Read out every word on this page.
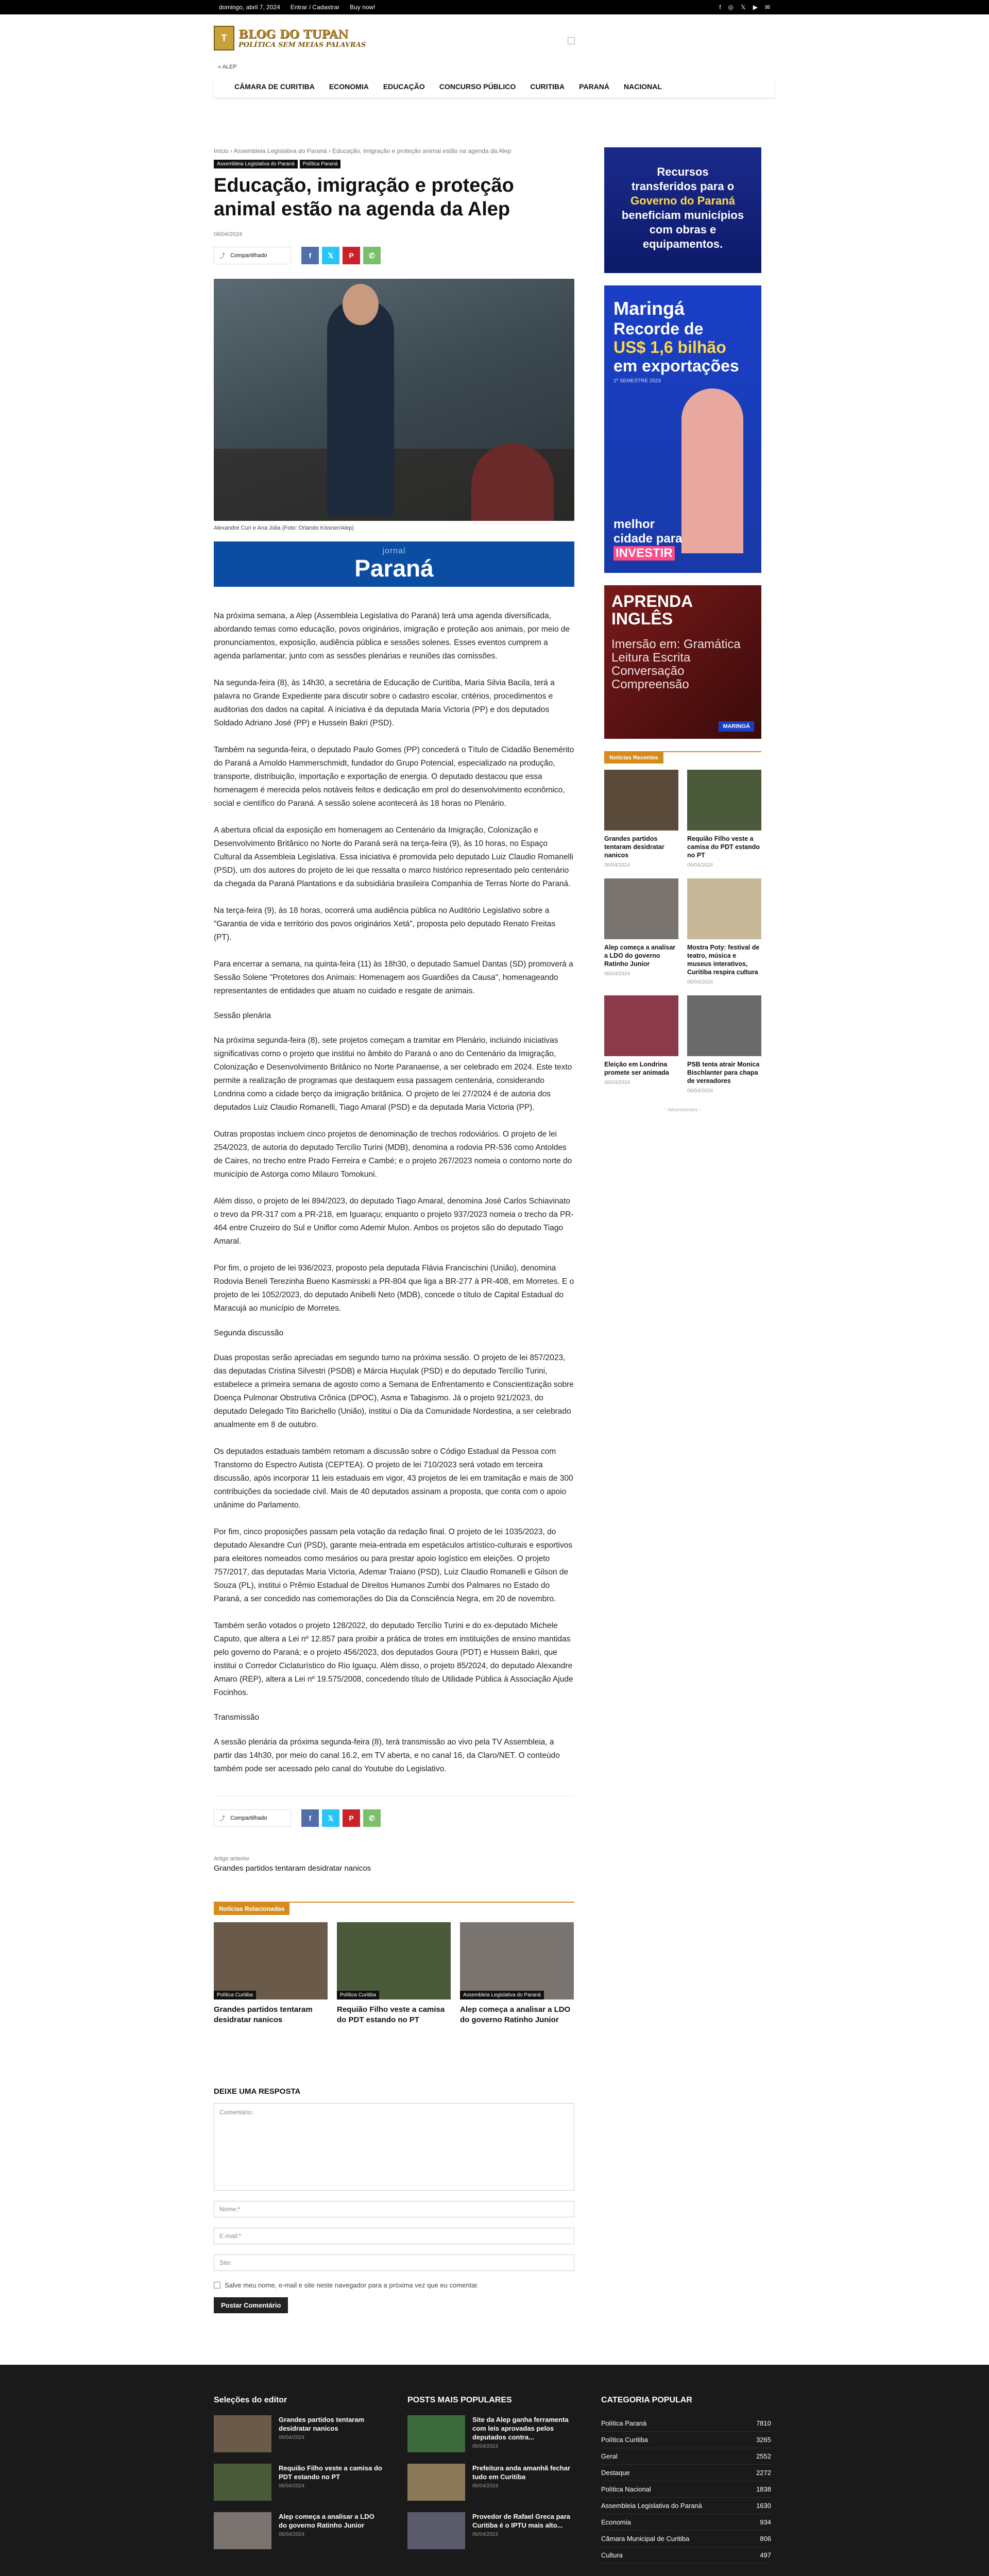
domingo, abril 7, 2024 Entrar / Cadastrar Buy now!	f ◎ 𝕏 ▶ ✉
T	BLOG DO TUPAN
POLÍTICA SEM MEIAS PALAVRAS
» ALEP
CÂMARA DE CURITIBA ECONOMIA EDUCAÇÃO CONCURSO PÚBLICO CURITIBA PARANÁ NACIONAL
Início › Assembleia Legislativa do Paraná › Educação, imigração e proteção animal estão na agenda da Alep
Assembleia Legislativa do Paraná	Política Paraná
Educação, imigração e proteção animal estão na agenda da Alep
06/04/2024
⤴ Compartilhado	f	𝕏	P	✆
Alexandre Curi e Ana Júlia (Foto: Orlando Kissner/Alep)
jornal
Paraná

Na próxima semana, a Alep (Assembleia Legislativa do Paraná) terá uma agenda diversificada, abordando temas como educação, povos originários, imigração e proteção aos animais, por meio de pronunciamentos, exposição, audiência pública e sessões solenes. Esses eventos cumprem a agenda parlamentar, junto com as sessões plenárias e reuniões das comissões.

Na segunda-feira (8), às 14h30, a secretária de Educação de Curitiba, Maria Silvia Bacila, terá a palavra no Grande Expediente para discutir sobre o cadastro escolar, critérios, procedimentos e auditorias dos dados na capital. A iniciativa é da deputada Maria Victoria (PP) e dos deputados Soldado Adriano José (PP) e Hussein Bakri (PSD).

Também na segunda-feira, o deputado Paulo Gomes (PP) concederá o Título de Cidadão Benemérito do Paraná a Arnoldo Hammerschmidt, fundador do Grupo Potencial, especializado na produção, transporte, distribuição, importação e exportação de energia. O deputado destacou que essa homenagem é merecida pelos notáveis feitos e dedicação em prol do desenvolvimento econômico, social e científico do Paraná. A sessão solene acontecerá às 18 horas no Plenário.

A abertura oficial da exposição em homenagem ao Centenário da Imigração, Colonização e Desenvolvimento Britânico no Norte do Paraná será na terça-feira (9), às 10 horas, no Espaço Cultural da Assembleia Legislativa. Essa iniciativa é promovida pelo deputado Luiz Claudio Romanelli (PSD), um dos autores do projeto de lei que ressalta o marco histórico representado pelo centenário da chegada da Paraná Plantations e da subsidiária brasileira Companhia de Terras Norte do Paraná.

Na terça-feira (9), às 18 horas, ocorrerá uma audiência pública no Auditório Legislativo sobre a "Garantia de vida e território dos povos originários Xetá", proposta pelo deputado Renato Freitas (PT).

Para encerrar a semana, na quinta-feira (11) às 18h30, o deputado Samuel Dantas (SD) promoverá a Sessão Solene "Protetores dos Animais: Homenagem aos Guardiões da Causa", homenageando representantes de entidades que atuam no cuidado e resgate de animais.

Sessão plenária

Na próxima segunda-feira (8), sete projetos começam a tramitar em Plenário, incluindo iniciativas significativas como o projeto que institui no âmbito do Paraná o ano do Centenário da Imigração, Colonização e Desenvolvimento Britânico no Norte Paranaense, a ser celebrado em 2024. Este texto permite a realização de programas que destaquem essa passagem centenária, considerando Londrina como a cidade berço da imigração britânica. O projeto de lei 27/2024 é de autoria dos deputados Luiz Claudio Romanelli, Tiago Amaral (PSD) e da deputada Maria Victoria (PP).

Outras propostas incluem cinco projetos de denominação de trechos rodoviários. O projeto de lei 254/2023, de autoria do deputado Tercílio Turini (MDB), denomina a rodovia PR-536 como Antoldes de Caires, no trecho entre Prado Ferreira e Cambé; e o projeto 267/2023 nomeia o contorno norte do município de Astorga como Milauro Tomokuni.

Além disso, o projeto de lei 894/2023, do deputado Tiago Amaral, denomina José Carlos Schiavinato o trevo da PR-317 com a PR-218, em Iguaraçu; enquanto o projeto 937/2023 nomeia o trecho da PR-464 entre Cruzeiro do Sul e Uniflor como Ademir Mulon. Ambos os projetos são do deputado Tiago Amaral.

Por fim, o projeto de lei 936/2023, proposto pela deputada Flávia Francischini (União), denomina Rodovia Beneli Terezinha Bueno Kasmirsski a PR-804 que liga a BR-277 à PR-408, em Morretes. E o projeto de lei 1052/2023, do deputado Anibelli Neto (MDB), concede o título de Capital Estadual do Maracujá ao município de Morretes.

Segunda discussão

Duas propostas serão apreciadas em segundo turno na próxima sessão. O projeto de lei 857/2023, das deputadas Cristina Silvestri (PSDB) e Márcia Huçulak (PSD) e do deputado Tercílio Turini, estabelece a primeira semana de agosto como a Semana de Enfrentamento e Conscientização sobre Doença Pulmonar Obstrutiva Crônica (DPOC), Asma e Tabagismo. Já o projeto 921/2023, do deputado Delegado Tito Barichello (União), institui o Dia da Comunidade Nordestina, a ser celebrado anualmente em 8 de outubro.

Os deputados estaduais também retomam a discussão sobre o Código Estadual da Pessoa com Transtorno do Espectro Autista (CEPTEA). O projeto de lei 710/2023 será votado em terceira discussão, após incorporar 11 leis estaduais em vigor, 43 projetos de lei em tramitação e mais de 300 contribuições da sociedade civil. Mais de 40 deputados assinam a proposta, que conta com o apoio unânime do Parlamento.

Por fim, cinco proposições passam pela votação da redação final. O projeto de lei 1035/2023, do deputado Alexandre Curi (PSD), garante meia-entrada em espetáculos artístico-culturais e esportivos para eleitores nomeados como mesários ou para prestar apoio logístico em eleições. O projeto 757/2017, das deputadas Maria Victoria, Ademar Traiano (PSD), Luiz Claudio Romanelli e Gilson de Souza (PL), institui o Prêmio Estadual de Direitos Humanos Zumbi dos Palmares no Estado do Paraná, a ser concedido nas comemorações do Dia da Consciência Negra, em 20 de novembro.

Também serão votados o projeto 128/2022, do deputado Tercílio Turini e do ex-deputado Michele Caputo, que altera a Lei nº 12.857 para proibir a prática de trotes em instituições de ensino mantidas pelo governo do Paraná; e o projeto 456/2023, dos deputados Goura (PDT) e Hussein Bakri, que institui o Corredor Ciclaturístico do Rio Iguaçu. Além disso, o projeto 85/2024, do deputado Alexandre Amaro (REP), altera a Lei nº 19.575/2008, concedendo título de Utilidade Pública à Associação Ajude Focinhos.

Transmissão

A sessão plenária da próxima segunda-feira (8), terá transmissão ao vivo pela TV Assembleia, a partir das 14h30, por meio do canal 16.2, em TV aberta, e no canal 16, da Claro/NET. O conteúdo também pode ser acessado pelo canal do Youtube do Legislativo.

⤴ Compartilhado	f	𝕏	P	✆
Artigo anterior
Grandes partidos tentaram desidratar nanicos
Notícias Relacionadas
Política Curitiba
Grandes partidos tentaram desidratar nanicos
Política Curitiba
Requião Filho veste a camisa do PDT estando no PT
Assembleia Legislativa do Paraná
Alep começa a analisar a LDO do governo Ratinho Junior
DEIXE UMA RESPOSTA
Comentário:
Nome:*
E-mail:*
Site:
Salve meu nome, e-mail e site neste navegador para a próxima vez que eu comentar.
Postar Comentário
Recursos
transferidos para o
Governo do Paraná
beneficiam municípios
com obras e
equipamentos.
Maringá
Recorde de
US$ 1,6 bilhão
em exportações
1º SEMESTRE 2023
melhor
cidade para
INVESTIR
APRENDA
INGLÊS
Imersão em: Gramática Leitura Escrita Conversação Compreensão
MARINGÁ
Notícias Recentes
Grandes partidos tentaram desidratar nanicos
06/04/2024
Requião Filho veste a camisa do PDT estando no PT
06/04/2024
Alep começa a analisar a LDO do governo Ratinho Junior
06/04/2024
Mostra Poty: festival de teatro, música e museus interativos, Curitiba respira cultura
06/04/2024
Eleição em Londrina promete ser animada
06/04/2024
PSB tenta atrair Monica Bischlanter para chapa de vereadores
06/04/2024
- Advertisement -
Seleções do editor
Grandes partidos tentaram desidratar nanicos
06/04/2024
Requião Filho veste a camisa do PDT estando no PT
06/04/2024
Alep começa a analisar a LDO do governo Ratinho Junior
06/04/2024
POSTS MAIS POPULARES
Site da Alep ganha ferramenta com leis aprovadas pelos deputados contra...
06/04/2024
Prefeitura anda amanhã fechar tudo em Curitiba
06/04/2024
Provedor de Rafael Greca para Curitiba é o IPTU mais alto...
06/04/2024
CATEGORIA POPULAR
Política Paraná	7810
Política Curitiba	3265
Geral	2552
Destaque	2272
Política Nacional	1838
Assembleia Legislativa do Paraná	1630
Economia	934
Câmara Municipal de Curitiba	806
Cultura	497
